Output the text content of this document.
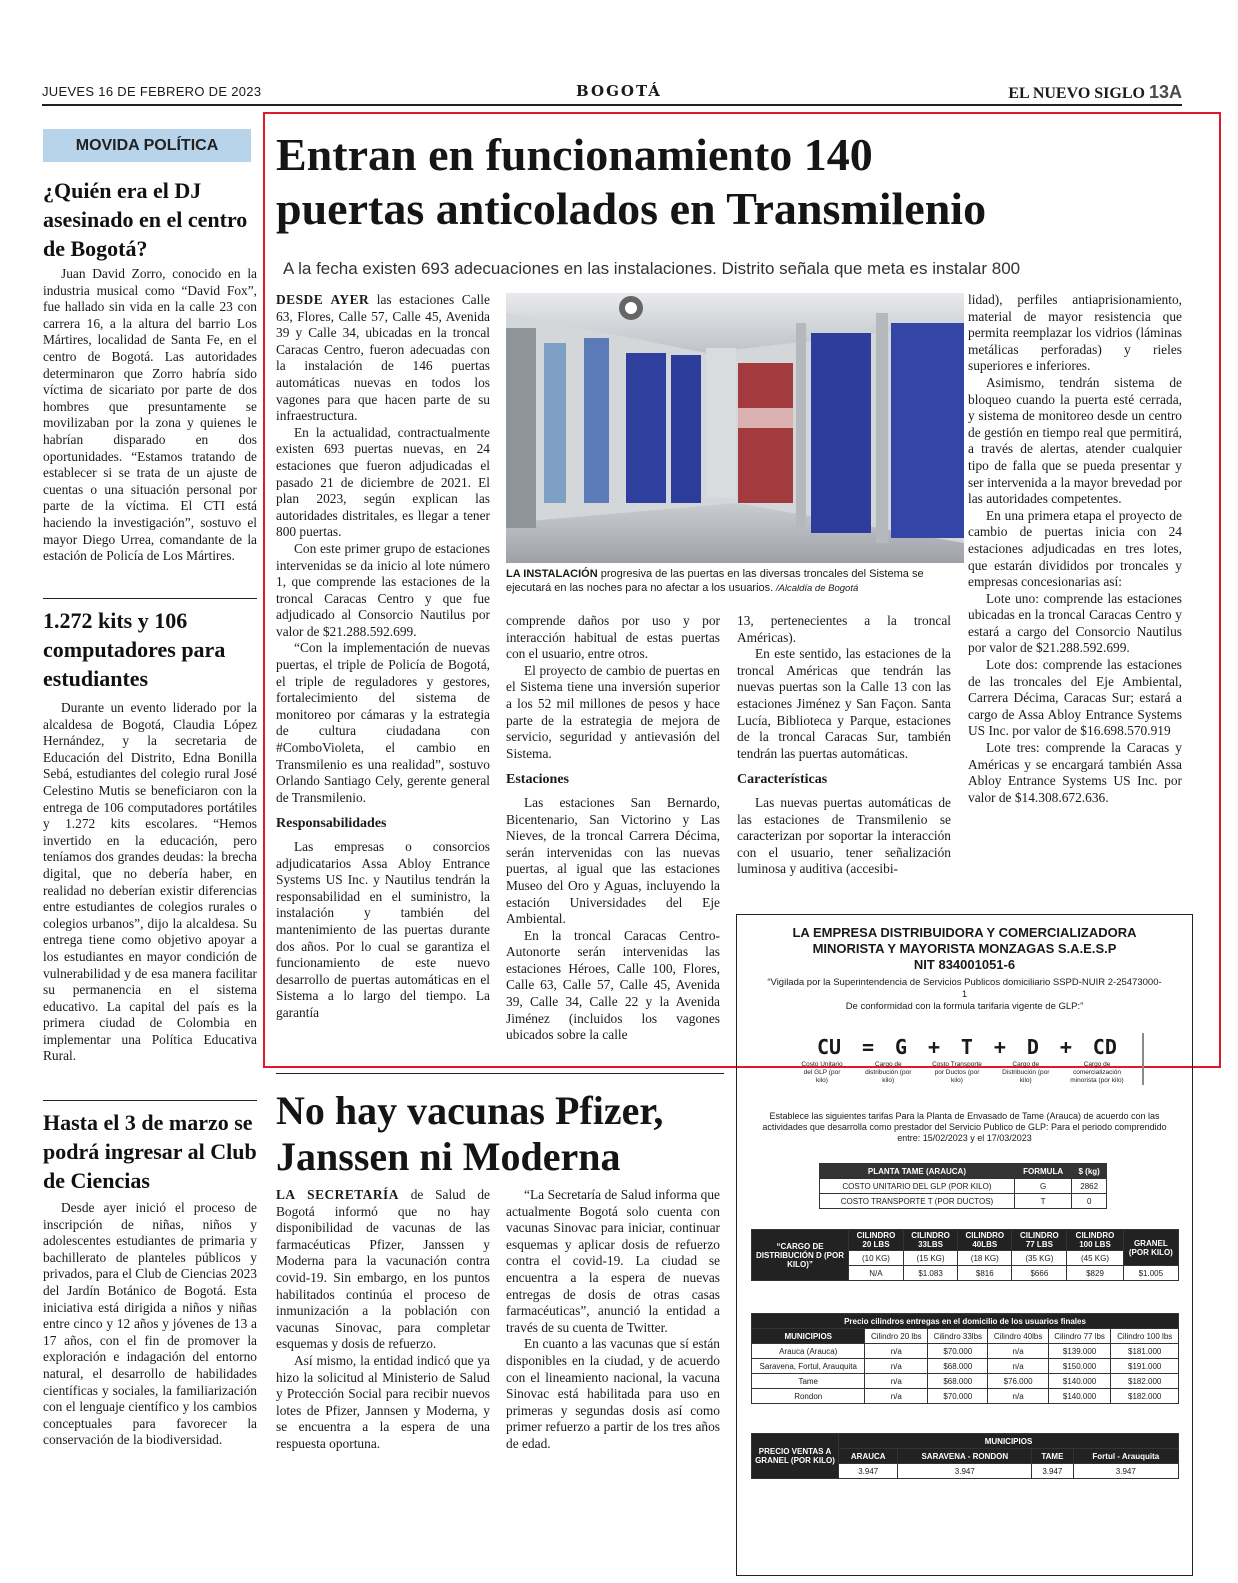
JUEVES 16 DE FEBRERO DE 2023	BOGOTÁ	EL NUEVO SIGLO 13A
MOVIDA POLÍTICA
¿Quién era el DJ asesinado en el centro de Bogotá?

Juan David Zorro, conocido en la industria musical como “David Fox”, fue hallado sin vida en la calle 23 con carrera 16, a la altura del barrio Los Mártires, localidad de Santa Fe, en el centro de Bogotá. Las autoridades determinaron que Zorro habría sido víctima de sicariato por parte de dos hombres que presuntamente se movilizaban por la zona y quienes le habrían disparado en dos oportunidades. “Estamos tratando de establecer si se trata de un ajuste de cuentas o una situación personal por parte de la víctima. El CTI está haciendo la investigación”, sostuvo el mayor Diego Urrea, comandante de la estación de Policía de Los Mártires.

1.272 kits y 106 computadores para estudiantes

Durante un evento liderado por la alcaldesa de Bogotá, Claudia López Hernández, y la secretaria de Educación del Distrito, Edna Bonilla Sebá, estudiantes del colegio rural José Celestino Mutis se beneficiaron con la entrega de 106 computadores portátiles y 1.272 kits escolares. “Hemos invertido en la educación, pero teníamos dos grandes deudas: la brecha digital, que no debería haber, en realidad no deberían existir diferencias entre estudiantes de colegios rurales o colegios urbanos”, dijo la alcaldesa. Su entrega tiene como objetivo apoyar a los estudiantes en mayor condición de vulnerabilidad y de esa manera facilitar su permanencia en el sistema educativo. La capital del país es la primera ciudad de Colombia en implementar una Política Educativa Rural.

Hasta el 3 de marzo se podrá ingresar al Club de Ciencias

Desde ayer inició el proceso de inscripción de niñas, niños y adolescentes estudiantes de primaria y bachillerato de planteles públicos y privados, para el Club de Ciencias 2023 del Jardín Botánico de Bogotá. Esta iniciativa está dirigida a niños y niñas entre cinco y 12 años y jóvenes de 13 a 17 años, con el fin de promover la exploración e indagación del entorno natural, el desarrollo de habilidades científicas y sociales, la familiarización con el lenguaje científico y los cambios conceptuales para favorecer la conservación de la biodiversidad.

Entran en funcionamiento 140
puertas anticolados en Transmilenio
A la fecha existen 693 adecuaciones en las instalaciones. Distrito señala que meta es instalar 800

DESDE AYER las estaciones Calle 63, Flores, Calle 57, Calle 45, Avenida 39 y Calle 34, ubicadas en la troncal Caracas Centro, fueron adecuadas con la instalación de 146 puertas automáticas nuevas en todos los vagones para que hacen parte de su infraestructura.

En la actualidad, contractualmente existen 693 puertas nuevas, en 24 estaciones que fueron adjudicadas el pasado 21 de diciembre de 2021. El plan 2023, según explican las autoridades distritales, es llegar a tener 800 puertas.

Con este primer grupo de estaciones intervenidas se da inicio al lote número 1, que comprende las estaciones de la troncal Caracas Centro y que fue adjudicado al Consorcio Nautilus por valor de $21.288.592.699.

“Con la implementación de nuevas puertas, el triple de Policía de Bogotá, el triple de reguladores y gestores, fortalecimiento del sistema de monitoreo por cámaras y la estrategia de cultura ciudadana con #ComboVioleta, el cambio en Transmilenio es una realidad”, sostuvo Orlando Santiago Cely, gerente general de Transmilenio.

Responsabilidades

Las empresas o consorcios adjudicatarios Assa Abloy Entrance Systems US Inc. y Nautilus tendrán la responsabilidad en el suministro, la instalación y también del mantenimiento de las puertas durante dos años. Por lo cual se garantiza el funcionamiento de este nuevo desarrollo de puertas automáticas en el Sistema a lo largo del tiempo. La garantía

LA INSTALACIÓN progresiva de las puertas en las diversas troncales del Sistema se ejecutará en las noches para no afectar a los usuarios. /Alcaldía de Bogotá

comprende daños por uso y por interacción habitual de estas puertas con el usuario, entre otros.

El proyecto de cambio de puertas en el Sistema tiene una inversión superior a los 52 mil millones de pesos y hace parte de la estrategia de mejora de servicio, seguridad y antievasión del Sistema.

Estaciones

Las estaciones San Bernardo, Bicentenario, San Victorino y Las Nieves, de la troncal Carrera Décima, serán intervenidas con las nuevas puertas, al igual que las estaciones Museo del Oro y Aguas, incluyendo la estación Universidades del Eje Ambiental.

En la troncal Caracas Centro-Autonorte serán intervenidas las estaciones Héroes, Calle 100, Flores, Calle 63, Calle 57, Calle 45, Avenida 39, Calle 34, Calle 22 y la Avenida Jiménez (incluidos los vagones ubicados sobre la calle

13, pertenecientes a la troncal Américas).

En este sentido, las estaciones de la troncal Américas que tendrán las nuevas puertas son la Calle 13 con las estaciones Jiménez y San Façon. Santa Lucía, Biblioteca y Parque, estaciones de la troncal Caracas Sur, también tendrán las puertas automáticas.

Características

Las nuevas puertas automáticas de las estaciones de Transmilenio se caracterizan por soportar la interacción con el usuario, tener señalización luminosa y auditiva (accesibi-

lidad), perfiles antiaprisionamiento, material de mayor resistencia que permita reemplazar los vidrios (láminas metálicas perforadas) y rieles superiores e inferiores.

Asimismo, tendrán sistema de bloqueo cuando la puerta esté cerrada, y sistema de monitoreo desde un centro de gestión en tiempo real que permitirá, a través de alertas, atender cualquier tipo de falla que se pueda presentar y ser intervenida a la mayor brevedad por las autoridades competentes.

En una primera etapa el proyecto de cambio de puertas inicia con 24 estaciones adjudicadas en tres lotes, que estarán divididos por troncales y empresas concesionarias así:

Lote uno: comprende las estaciones ubicadas en la troncal Caracas Centro y estará a cargo del Consorcio Nautilus por valor de $21.288.592.699.

Lote dos: comprende las estaciones de las troncales del Eje Ambiental, Carrera Décima, Caracas Sur; estará a cargo de Assa Abloy Entrance Systems US Inc. por valor de $16.698.570.919

Lote tres: comprende la Caracas y Américas y se encargará también Assa Abloy Entrance Systems US Inc. por valor de $14.308.672.636.

No hay vacunas Pfizer,
Janssen ni Moderna

LA SECRETARÍA de Salud de Bogotá informó que no hay disponibilidad de vacunas de las farmacéuticas Pfizer, Janssen y Moderna para la vacunación contra covid-19. Sin embargo, en los puntos habilitados continúa el proceso de inmunización a la población con vacunas Sinovac, para completar esquemas y dosis de refuerzo.

Así mismo, la entidad indicó que ya hizo la solicitud al Ministerio de Salud y Protección Social para recibir nuevos lotes de Pfizer, Jannsen y Moderna, y se encuentra a la espera de una respuesta oportuna.

“La Secretaría de Salud informa que actualmente Bogotá solo cuenta con vacunas Sinovac para iniciar, continuar esquemas y aplicar dosis de refuerzo contra el covid-19. La ciudad se encuentra a la espera de nuevas entregas de dosis de otras casas farmacéuticas”, anunció la entidad a través de su cuenta de Twitter.

En cuanto a las vacunas que sí están disponibles en la ciudad, y de acuerdo con el lineamiento nacional, la vacuna Sinovac está habilitada para uso en primeras y segundas dosis así como primer refuerzo a partir de los tres años de edad.

LA EMPRESA DISTRIBUIDORA Y COMERCIALIZADORA
MINORISTA Y MAYORISTA MONZAGAS S.A.E.S.P
NIT 834001051-6
“Vigilada por la Superintendencia de Servicios Publicos domiciliario SSPD-NUIR 2-25473000-1
De conformidad con la formula tarifaria vigente de GLP:”
CU = G + T + D + CD
Costo Unitario del GLP (por kilo)
Cargo de distribución (por kilo)
Costo Transporte por Ductos (por kilo)
Cargo de Distribución (por kilo)
Cargo de comercialización minorista (por kilo)
Establece las siguientes tarifas Para la Planta de Envasado de Tame (Arauca) de acuerdo con las actividades que desarrolla como prestador del Servicio Publico de GLP: Para el periodo comprendido entre: 15/02/2023 y el 17/03/2023
PLANTA TAME (ARAUCA)	FORMULA	$ (kg)
COSTO UNITARIO DEL GLP (POR KILO)	G	2862
COSTO TRANSPORTE T (POR DUCTOS)	T	0
“CARGO DE DISTRIBUCIÓN D (POR KILO)”	CILINDRO 20 LBS	CILINDRO 33LBS	CILINDRO 40LBS	CILINDRO 77 LBS	CILINDRO 100 LBS	GRANEL (POR KILO)
	(10 KG)	(15 KG)	(18 KG)	(35 KG)	(45 KG)	
	N/A	$1.083	$816	$666	$829	$1.005
Precio cilindros entregas en el domicilio de los usuarios finales					
MUNICIPIOS	Cilindro 20 lbs	Cilindro 33lbs	Cilindro 40lbs	Cilindro 77 lbs	Cilindro 100 lbs
Arauca (Arauca)	n/a	$70.000	n/a	$139.000	$181.000
Saravena, Fortul, Arauquita	n/a	$68.000	n/a	$150.000	$191.000
Tame	n/a	$68.000	$76.000	$140.000	$182.000
Rondon	n/a	$70.000	n/a	$140.000	$182.000
PRECIO VENTAS A GRANEL (POR KILO)	MUNICIPIOS			
	ARAUCA	SARAVENA - RONDON	TAME	Fortul - Arauquita
	3.947	3.947	3.947	3.947
